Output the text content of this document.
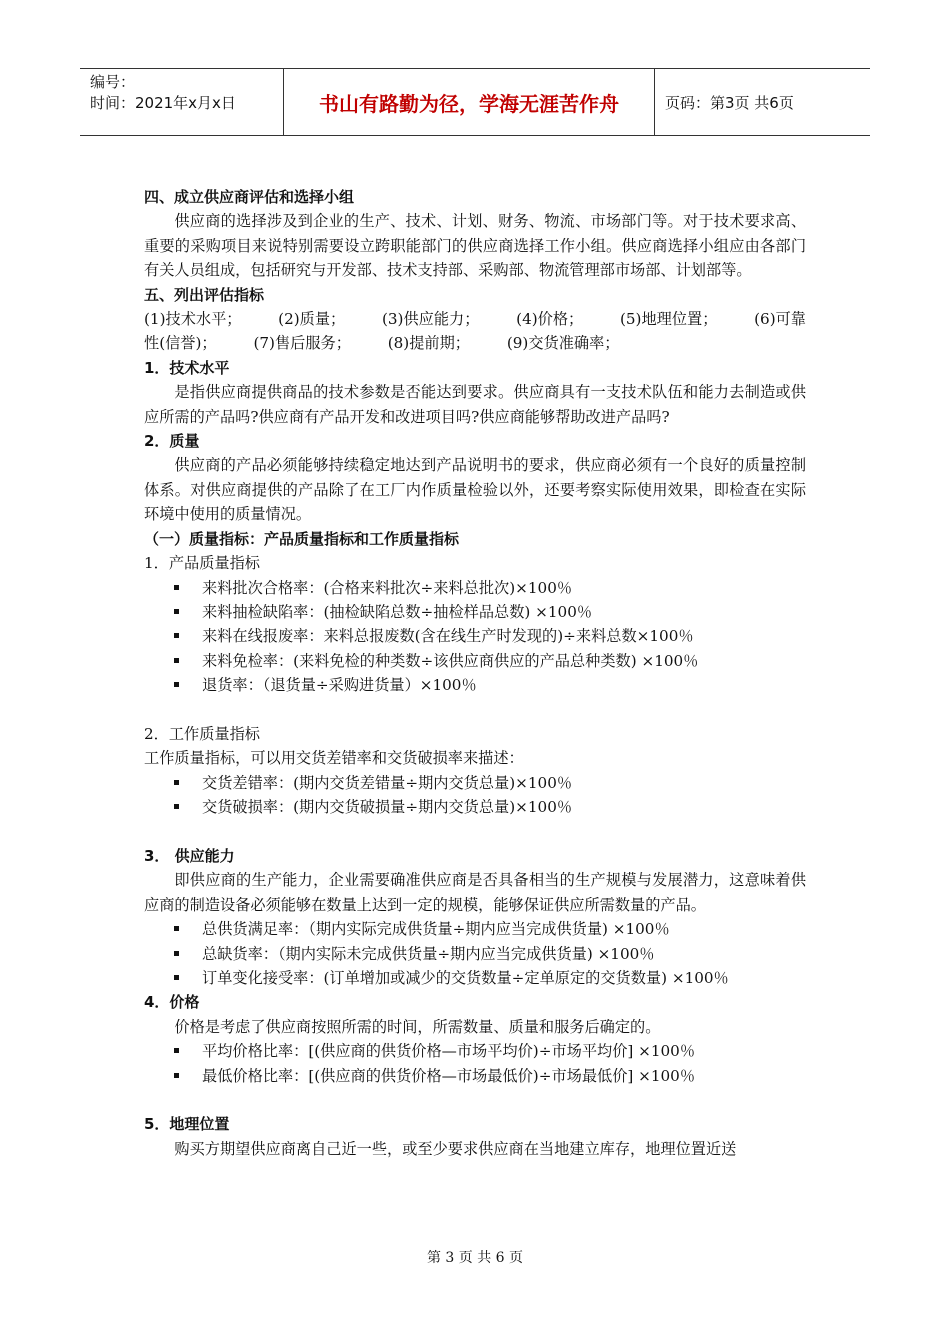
编号：
时间：2021年x月x日	书山有路勤为径，学海无涯苦作舟	页码：第3页 共6页

四、成立供应商评估和选择小组

供应商的选择涉及到企业的生产、技术、计划、财务、物流、市场部门等。对于技术要求高、重要的采购项目来说特别需要设立跨职能部门的供应商选择工作小组。供应商选择小组应由各部门有关人员组成，包括研究与开发部、技术支持部、采购部、物流管理部市场部、计划部等。

五、列出评估指标

(1)技术水平； (2)质量； (3)供应能力； (4)价格； (5)地理位置； (6)可靠
性(信誉)； (7)售后服务； (8)提前期； (9)交货准确率；

1．技术水平

是指供应商提供商品的技术参数是否能达到要求。供应商具有一支技术队伍和能力去制造或供应所需的产品吗?供应商有产品开发和改进项目吗?供应商能够帮助改进产品吗?

2．质量

供应商的产品必须能够持续稳定地达到产品说明书的要求，供应商必须有一个良好的质量控制体系。对供应商提供的产品除了在工厂内作质量检验以外，还要考察实际使用效果，即检查在实际环境中使用的质量情况。

（一）质量指标：产品质量指标和工作质量指标

1．产品质量指标

来料批次合格率：(合格来料批次÷来料总批次)×100％
来料抽检缺陷率：(抽检缺陷总数÷抽检样品总数) ×100％
来料在线报废率：来料总报废数(含在线生产时发现的)÷来料总数×100％
来料免检率：(来料免检的种类数÷该供应商供应的产品总种类数) ×100％
退货率：（退货量÷采购进货量）×100％

2．工作质量指标

工作质量指标，可以用交货差错率和交货破损率来描述：

交货差错率：(期内交货差错量÷期内交货总量)×100％
交货破损率：(期内交货破损量÷期内交货总量)×100％

3． 供应能力

即供应商的生产能力，企业需要确准供应商是否具备相当的生产规模与发展潜力，这意味着供应商的制造设备必须能够在数量上达到一定的规模，能够保证供应所需数量的产品。

总供货满足率：（期内实际完成供货量÷期内应当完成供货量) ×100％
总缺货率：（期内实际未完成供货量÷期内应当完成供货量) ×100％
订单变化接受率：(订单增加或减少的交货数量÷定单原定的交货数量) ×100％

4．价格

价格是考虑了供应商按照所需的时间，所需数量、质量和服务后确定的。

平均价格比率：[(供应商的供货价格—市场平均价)÷市场平均价] ×100％
最低价格比率：[(供应商的供货价格—市场最低价)÷市场最低价] ×100％

5．地理位置

购买方期望供应商离自己近一些，或至少要求供应商在当地建立库存，地理位置近送

第 3 页 共 6 页
